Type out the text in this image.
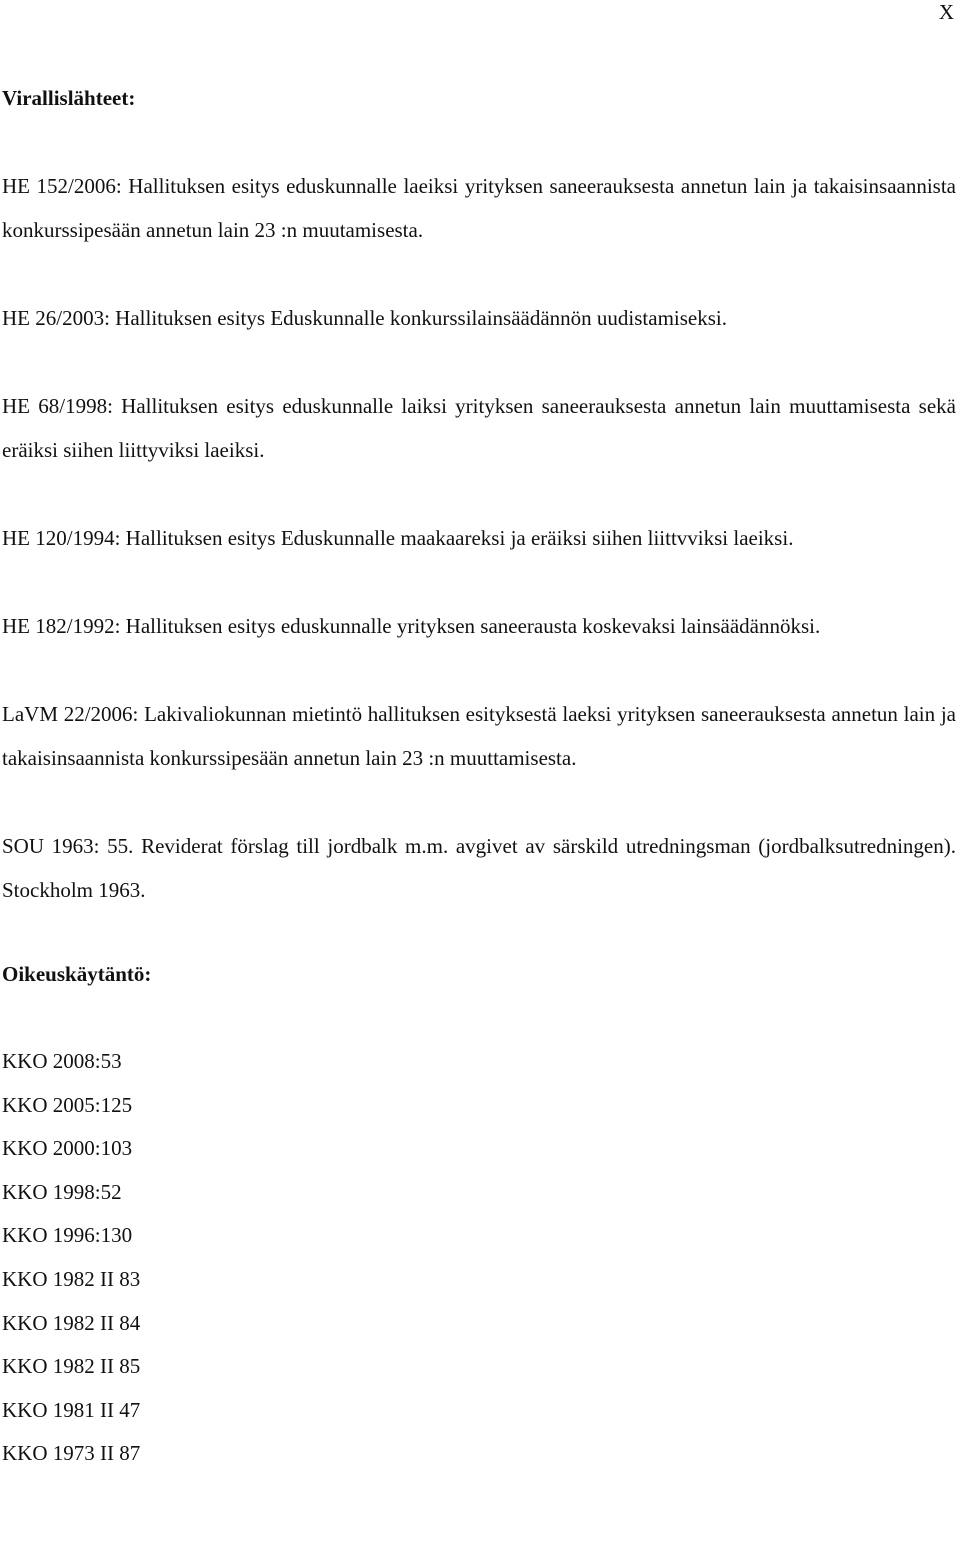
X

Virallislähteet:

HE 152/2006: Hallituksen esitys eduskunnalle laeiksi yrityksen saneerauksesta annetun lain ja takaisinsaannista konkurssipesään annetun lain 23 :n muutamisesta.

HE 26/2003: Hallituksen esitys Eduskunnalle konkurssilainsäädännön uudistamiseksi.

HE 68/1998: Hallituksen esitys eduskunnalle laiksi yrityksen saneerauksesta annetun lain muuttamisesta sekä eräiksi siihen liittyviksi laeiksi.

HE 120/1994: Hallituksen esitys Eduskunnalle maakaareksi ja eräiksi siihen liittvviksi laeiksi.

HE 182/1992: Hallituksen esitys eduskunnalle yrityksen saneerausta koskevaksi lainsäädännöksi.

LaVM 22/2006: Lakivaliokunnan mietintö hallituksen esityksestä laeksi yrityksen saneerauksesta annetun lain ja takaisinsaannista konkurssipesään annetun lain 23 :n muuttamisesta.

SOU 1963: 55. Reviderat förslag till jordbalk m.m. avgivet av särskild utredningsman (jordbalksutredningen). Stockholm 1963.

Oikeuskäytäntö:

KKO 2008:53
KKO 2005:125
KKO 2000:103
KKO 1998:52
KKO 1996:130
KKO 1982 II 83
KKO 1982 II 84
KKO 1982 II 85
KKO 1981 II 47
KKO 1973 II 87
